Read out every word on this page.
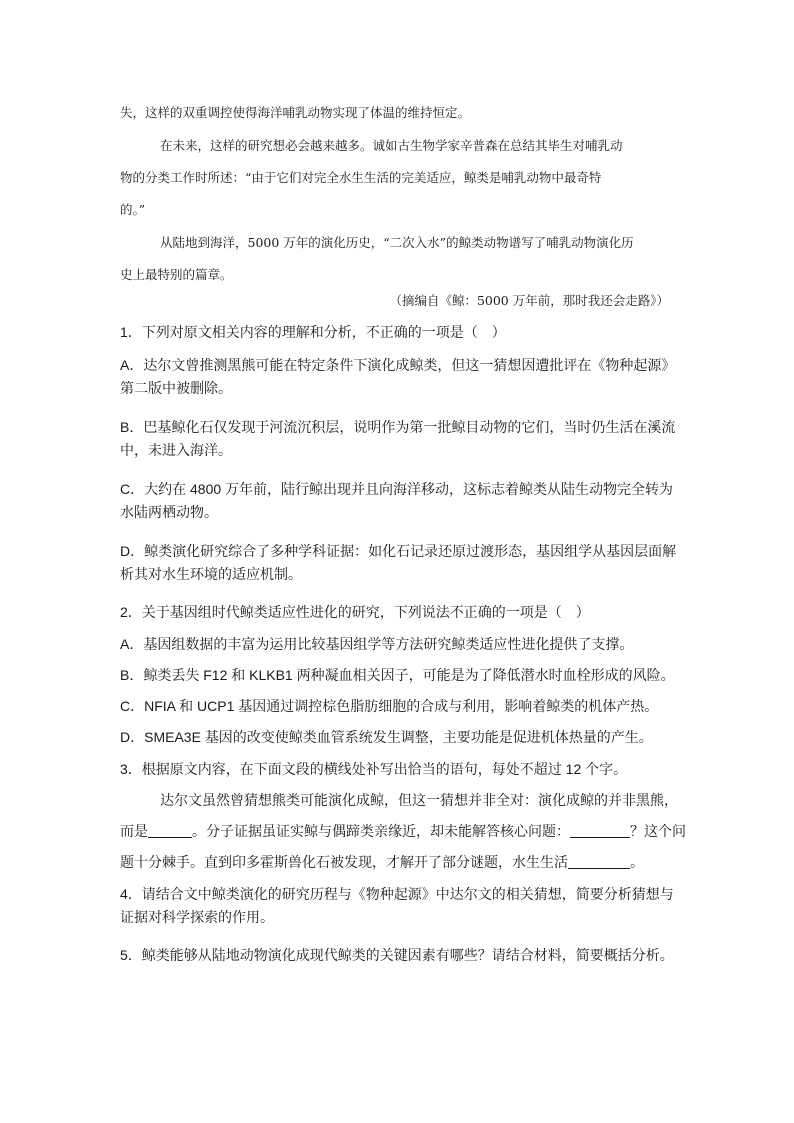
失，这样的双重调控使得海洋哺乳动物实现了体温的维持恒定。
在未来，这样的研究想必会越来越多。诚如古生物学家辛普森在总结其毕生对哺乳动
物的分类工作时所述：“由于它们对完全水生生活的完美适应，鲸类是哺乳动物中最奇特
的。”
从陆地到海洋，5000 万年的演化历史，“二次入水”的鲸类动物谱写了哺乳动物演化历
史上最特别的篇章。
（摘编自《鲸：5000 万年前，那时我还会走路》）
1．下列对原文相关内容的理解和分析，不正确的一项是（　）
A．达尔文曾推测黑熊可能在特定条件下演化成鲸类，但这一猜想因遭批评在《物种起源》
第二版中被删除。
B．巴基鲸化石仅发现于河流沉积层，说明作为第一批鲸目动物的它们，当时仍生活在溪流
中，未进入海洋。
C．大约在 4800 万年前，陆行鲸出现并且向海洋移动，这标志着鲸类从陆生动物完全转为
水陆两栖动物。
D．鲸类演化研究综合了多种学科证据：如化石记录还原过渡形态，基因组学从基因层面解
析其对水生环境的适应机制。
2．关于基因组时代鲸类适应性进化的研究，下列说法不正确的一项是（　）
A．基因组数据的丰富为运用比较基因组学等方法研究鲸类适应性进化提供了支撑。
B．鲸类丢失 F12 和 KLKB1 两种凝血相关因子，可能是为了降低潜水时血栓形成的风险。
C．NFIA 和 UCP1 基因通过调控棕色脂肪细胞的合成与利用，影响着鲸类的机体产热。
D．SMEA3E 基因的改变使鲸类血管系统发生调整，主要功能是促进机体热量的产生。
3．根据原文内容，在下面文段的横线处补写出恰当的语句，每处不超过 12 个字。
达尔文虽然曾猜想熊类可能演化成鲸，但这一猜想并非全对：演化成鲸的并非黑熊，
而是	。分子证据虽证实鲸与偶蹄类亲缘近，却未能解答核心问题：	？这个问
题十分棘手。直到印多霍斯兽化石被发现，才解开了部分谜题，水生生活	。
4．请结合文中鲸类演化的研究历程与《物种起源》中达尔文的相关猜想，简要分析猜想与
证据对科学探索的作用。
5．鲸类能够从陆地动物演化成现代鲸类的关键因素有哪些？请结合材料，简要概括分析。
